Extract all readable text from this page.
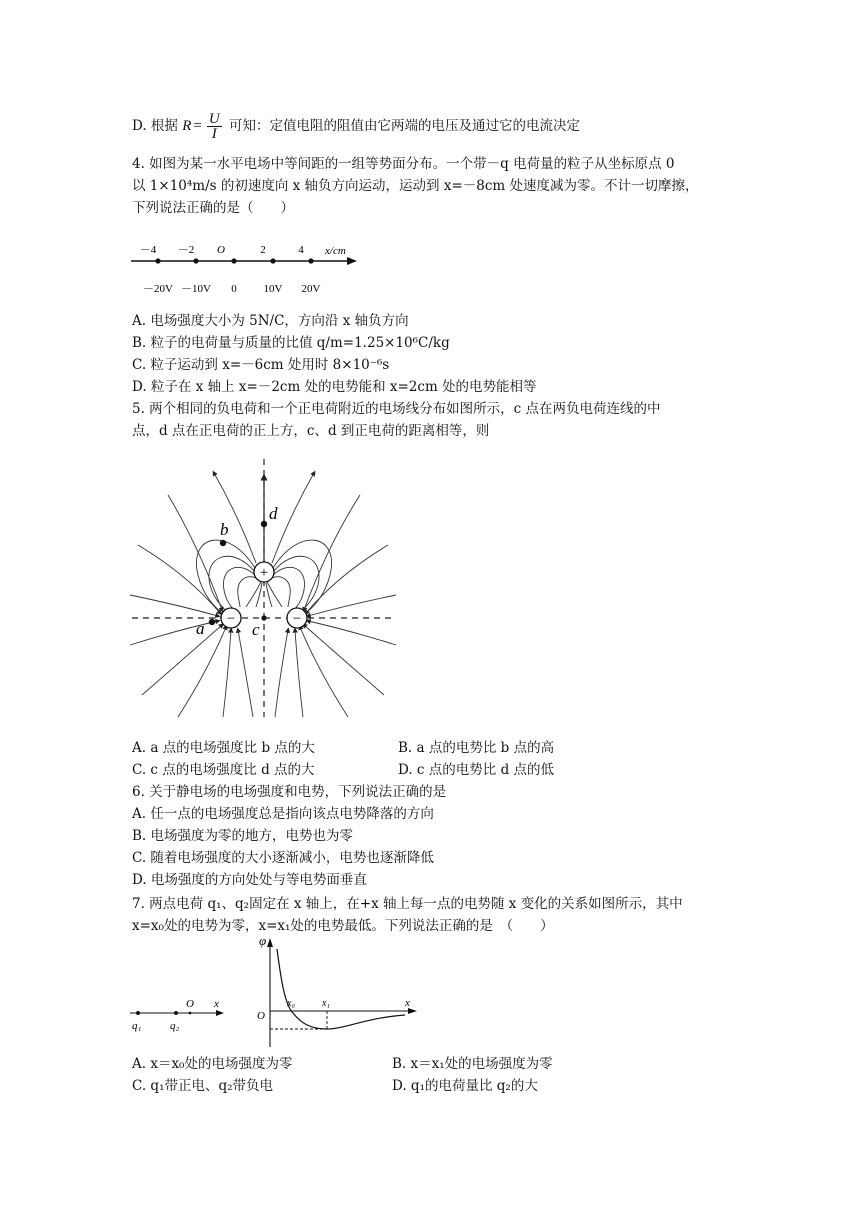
D. 根据 $R = \frac{U}{I}$ 可知：定值电阻的阻值由它两端的电压及通过它的电流决定
4. 如图为某一水平电场中等间距的一组等势面分布。一个带－q 电荷量的粒子从坐标原点 0
以 1×10⁴m/s 的初速度向 x 轴负方向运动，运动到 x=－8cm 处速度减为零。不计一切摩擦，
下列说法正确的是（　　）
x/cm
－4
－20V
－2
－10V
O
0
2
10V
4
20V
A. 电场强度大小为 5N/C，方向沿 x 轴负方向
B. 粒子的电荷量与质量的比值 q/m=1.25×10⁶C/kg
C. 粒子运动到 x=－6cm 处用时 8×10⁻⁶s
D. 粒子在 x 轴上 x=－2cm 处的电势能和 x=2cm 处的电势能相等
5. 两个相同的负电荷和一个正电荷附近的电场线分布如图所示，c 点在两负电荷连线的中
点，d 点在正电荷的正上方，c、d 到正电荷的距离相等，则
+
−	−
d
b
a	c
A. a 点的电场强度比 b 点的大	B. a 点的电势比 b 点的高
C. c 点的电场强度比 d 点的大	D. c 点的电势比 d 点的低
6. 关于静电场的电场强度和电势，下列说法正确的是
A. 任一点的电场强度总是指向该点电势降落的方向
B. 电场强度为零的地方，电势也为零
C. 随着电场强度的大小逐渐减小，电势也逐渐降低
D. 电场强度的方向处处与等电势面垂直
7. 两点电荷 q₁、q₂固定在 x 轴上，在+x 轴上每一点的电势随 x 变化的关系如图所示，其中
x=x₀处的电势为零，x=x₁处的电势最低。下列说法正确的是　（　　）
q₁	q₂
O x
φ
x
O
x₀	x₁
A. x＝x₀处的电场强度为零	B. x＝x₁处的电场强度为零
C. q₁带正电、q₂带负电	D. q₁的电荷量比 q₂的大
